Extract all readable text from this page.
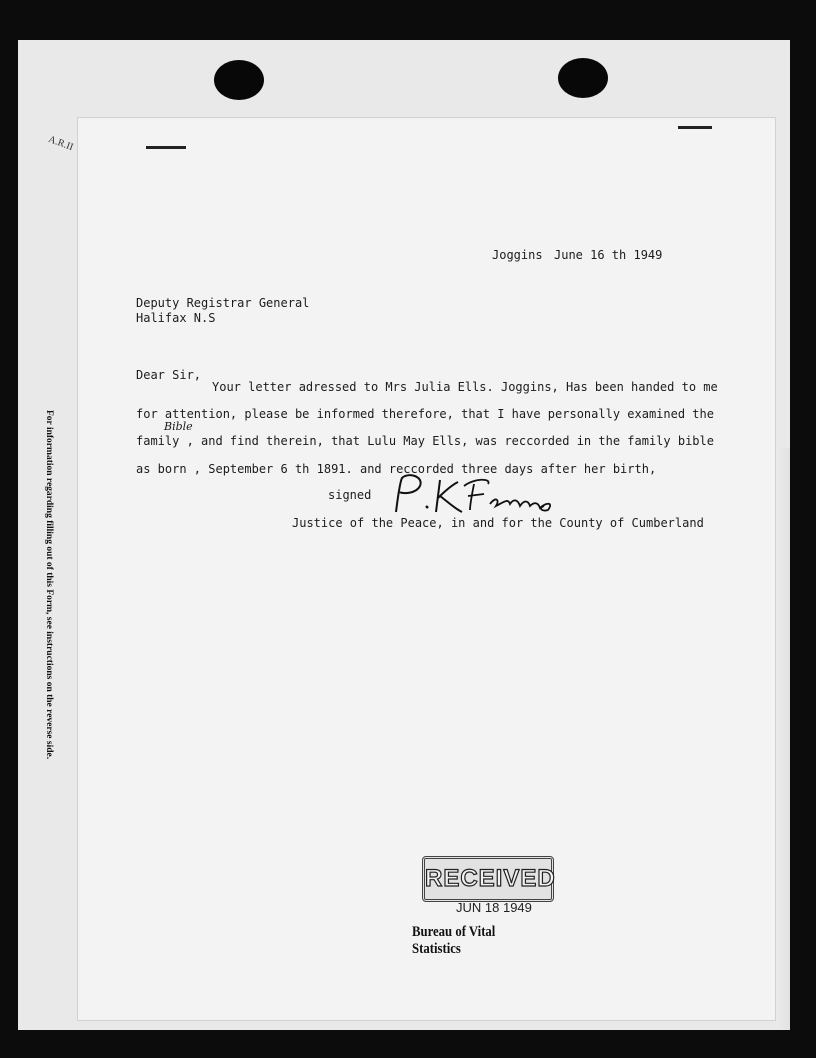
A.R.II
For information regarding filling out of this Form, see instructions on the reverse side.
Joggins June 16 th 1949
Deputy Registrar General
Halifax N.S
Dear Sir,
Your letter adressed to Mrs Julia Ells. Joggins, Has been handed to me
for attention, please be informed therefore, that I have personally examined the
Bible
family , and find therein, that Lulu May Ells, was reccorded in the family bible
as born , September 6 th 1891. and reccorded three days after her birth,
signed
Justice of the Peace, in and for the County of Cumberland
RECEIVED
JUN 18 1949
Bureau of Vital Statistics
